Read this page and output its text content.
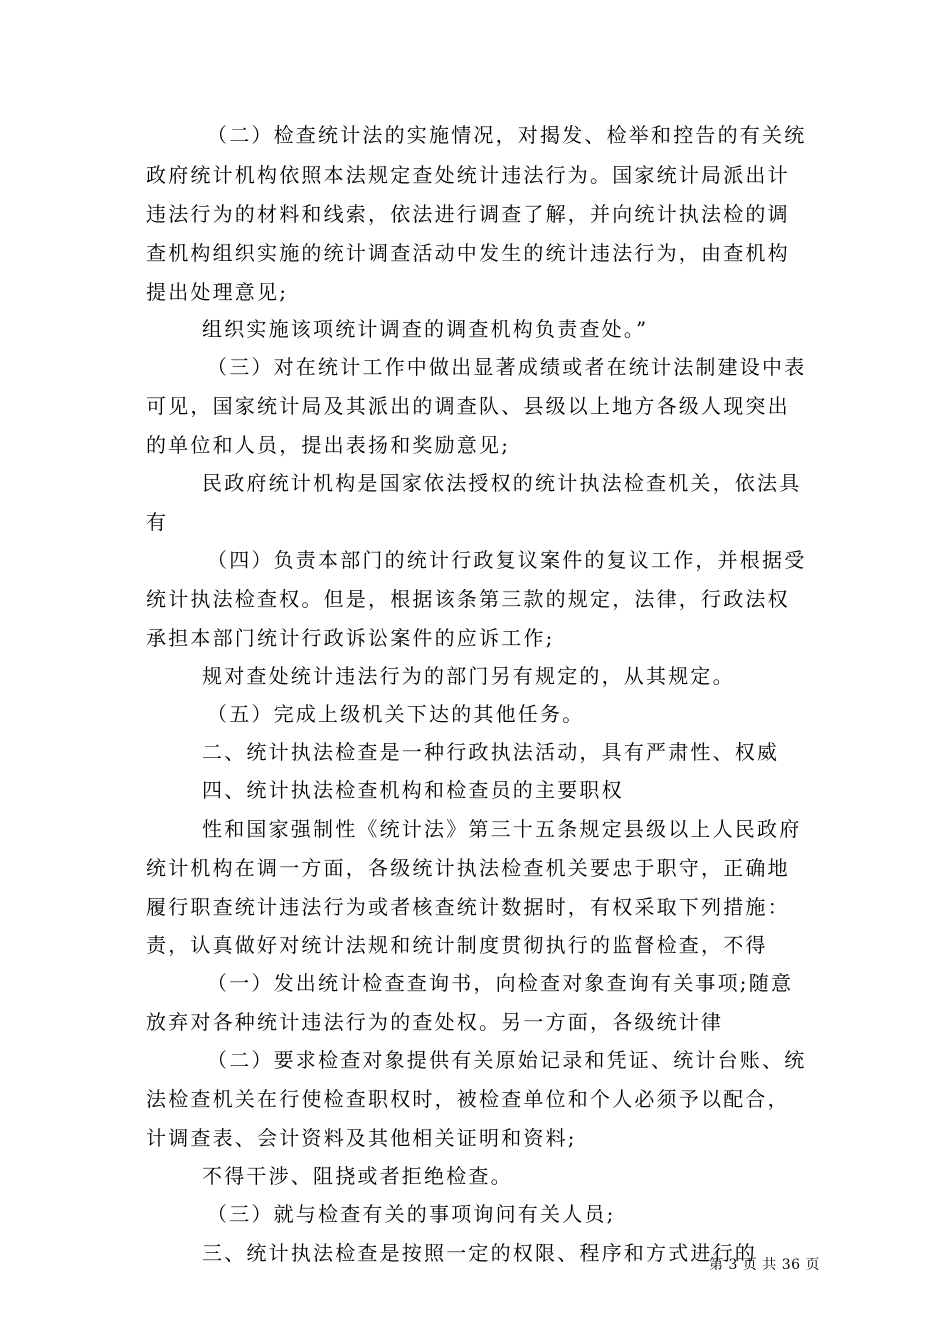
（二）检查统计法的实施情况，对揭发、检举和控告的有关统
政府统计机构依照本法规定查处统计违法行为。国家统计局派出计
违法行为的材料和线索，依法进行调查了解，并向统计执法检的调
查机构组织实施的统计调查活动中发生的统计违法行为，由查机构
提出处理意见;
组织实施该项统计调查的调查机构负责查处。”
（三）对在统计工作中做出显著成绩或者在统计法制建设中表
可见，国家统计局及其派出的调查队、县级以上地方各级人现突出
的单位和人员，提出表扬和奖励意见;
民政府统计机构是国家依法授权的统计执法检查机关，依法具
有
（四）负责本部门的统计行政复议案件的复议工作，并根据受
统计执法检查权。但是，根据该条第三款的规定，法律，行政法权
承担本部门统计行政诉讼案件的应诉工作;
规对查处统计违法行为的部门另有规定的，从其规定。
（五）完成上级机关下达的其他任务。
二、统计执法检查是一种行政执法活动，具有严肃性、权威
四、统计执法检查机构和检查员的主要职权
性和国家强制性《统计法》第三十五条规定县级以上人民政府
统计机构在调一方面，各级统计执法检查机关要忠于职守，正确地
履行职查统计违法行为或者核查统计数据时，有权采取下列措施：
责，认真做好对统计法规和统计制度贯彻执行的监督检查，不得
（一）发出统计检查查询书，向检查对象查询有关事项;随意
放弃对各种统计违法行为的查处权。另一方面，各级统计律
（二）要求检查对象提供有关原始记录和凭证、统计台账、统
法检查机关在行使检查职权时，被检查单位和个人必须予以配合，
计调查表、会计资料及其他相关证明和资料;
不得干涉、阻挠或者拒绝检查。
（三）就与检查有关的事项询问有关人员;
三、统计执法检查是按照一定的权限、程序和方式进行的
第 3 页 共 36 页
